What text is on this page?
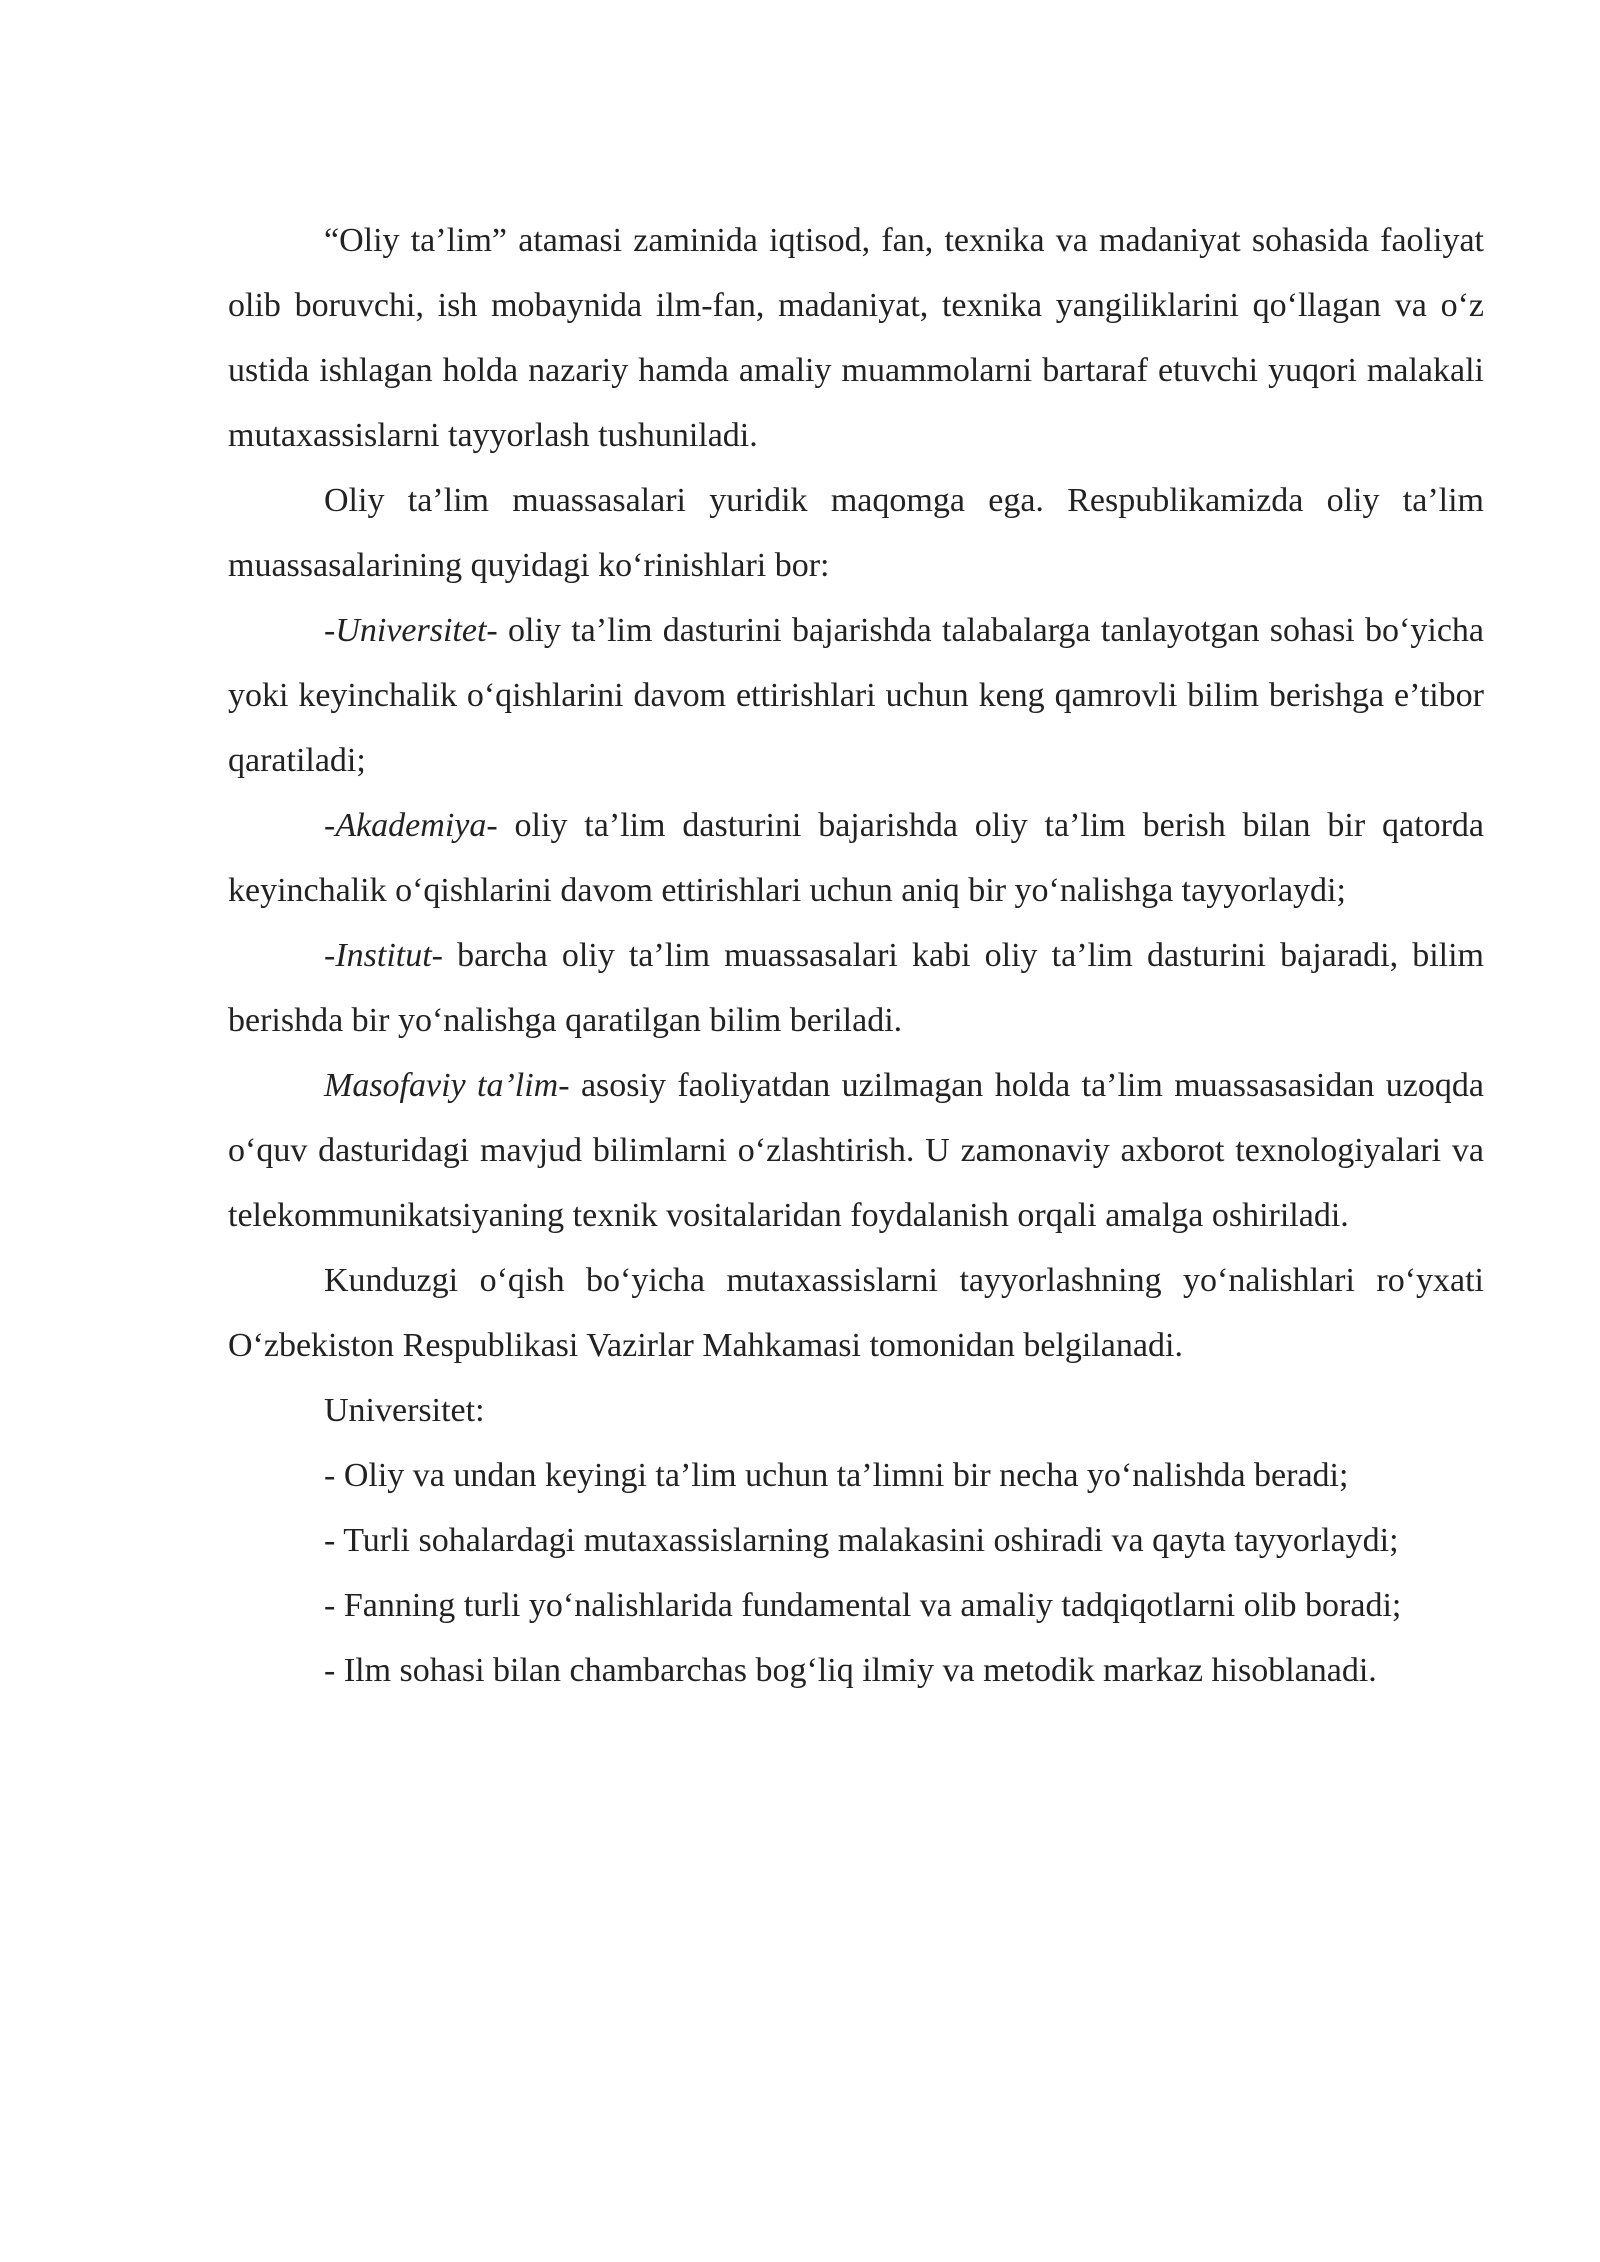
“Oliy ta’lim” atamasi zaminida iqtisod, fan, texnika va madaniyat sohasida faoliyat olib boruvchi, ish mobaynida ilm-fan, madaniyat, texnika yangiliklarini qo‘llagan va o‘z ustida ishlagan holda nazariy hamda amaliy muammolarni bartaraf etuvchi yuqori malakali mutaxassislarni tayyorlash tushuniladi.

Oliy ta’lim muassasalari yuridik maqomga ega. Respublikamizda oliy ta’lim muassasalarining quyidagi ko‘rinishlari bor:

-Universitet- oliy ta’lim dasturini bajarishda talabalarga tanlayotgan sohasi bo‘yicha yoki keyinchalik o‘qishlarini davom ettirishlari uchun keng qamrovli bilim berishga e’tibor qaratiladi;

-Akademiya- oliy ta’lim dasturini bajarishda oliy ta’lim berish bilan bir qatorda keyinchalik o‘qishlarini davom ettirishlari uchun aniq bir yo‘nalishga tayyorlaydi;

-Institut- barcha oliy ta’lim muassasalari kabi oliy ta’lim dasturini bajaradi, bilim berishda bir yo‘nalishga qaratilgan bilim beriladi.

Masofaviy ta’lim- asosiy faoliyatdan uzilmagan holda ta’lim muassasasidan uzoqda o‘quv dasturidagi mavjud bilimlarni o‘zlashtirish. U zamonaviy axborot texnologiyalari va telekommunikatsiyaning texnik vositalaridan foydalanish orqali amalga oshiriladi.

Kunduzgi o‘qish bo‘yicha mutaxassislarni tayyorlashning yo‘nalishlari ro‘yxati O‘zbekiston Respublikasi Vazirlar Mahkamasi tomonidan belgilanadi.

Universitet:

- Oliy va undan keyingi ta’lim uchun ta’limni bir necha yo‘nalishda beradi;

- Turli sohalardagi mutaxassislarning malakasini oshiradi va qayta tayyorlaydi;

- Fanning turli yo‘nalishlarida fundamental va amaliy tadqiqotlarni olib boradi;

- Ilm sohasi bilan chambarchas bog‘liq ilmiy va metodik markaz hisoblanadi.
